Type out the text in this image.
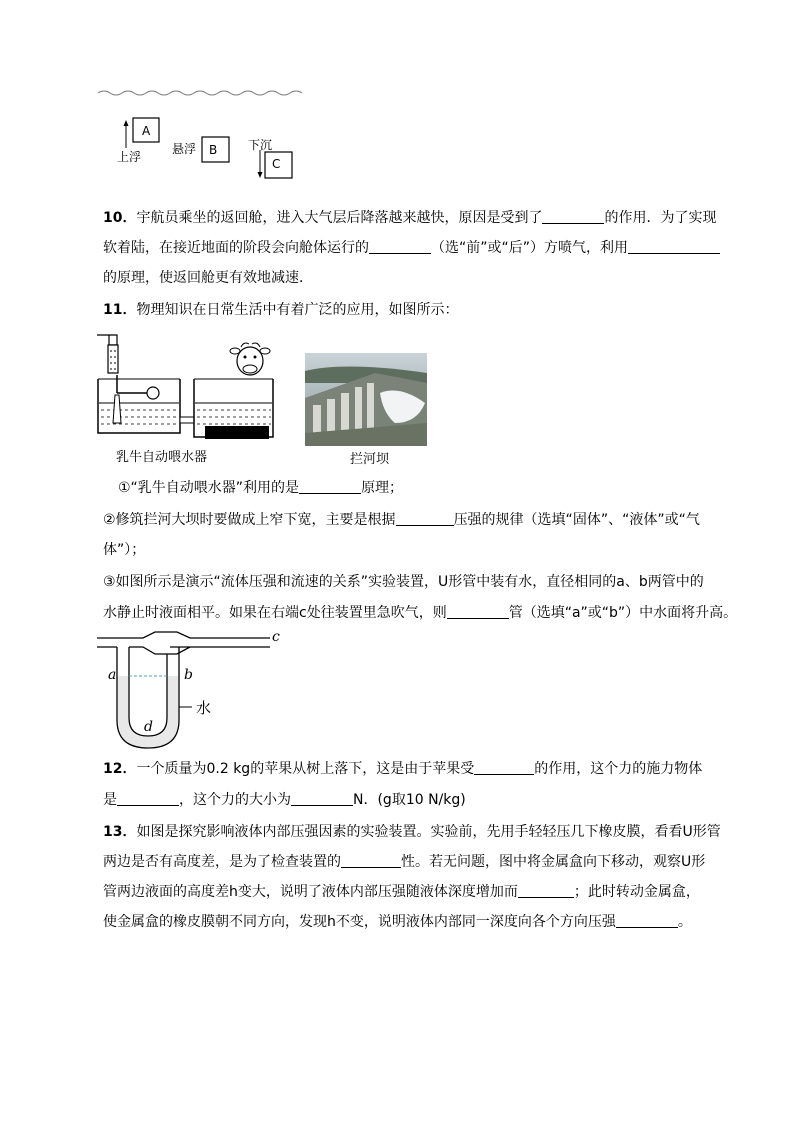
A
B
C
上浮
悬浮	下沉
10．宇航员乘坐的返回舱，进入大气层后降落越来越快，原因是受到了	的作用．为了实现
软着陆，在接近地面的阶段会向舱体运行的	（选“前”或“后”）方喷气，利用
的原理，使返回舱更有效地减速．
11．物理知识在日常生活中有着广泛的应用，如图所示：
乳牛自动喂水器	拦河坝
①“乳牛自动喂水器”利用的是	原理；
②修筑拦河大坝时要做成上窄下宽，主要是根据	压强的规律（选填“固体”、“液体”或“气
体”）；
③如图所示是演示“流体压强和流速的关系”实验装置，U形管中装有水，直径相同的a、b两管中的
水静止时液面相平。如果在右端c处往装置里急吹气，则	管（选填“a”或“b”）中水面将升高。
a	b
c
d
水
12．一个质量为0.2 kg的苹果从树上落下，这是由于苹果受	的作用，这个力的施力物体
是	，这个力的大小为	N．(g取10 N/kg)
13．如图是探究影响液体内部压强因素的实验装置。实验前，先用手轻轻压几下橡皮膜，看看U形管
两边是否有高度差，是为了检查装置的	性。若无问题，图中将金属盒向下移动，观察U形
管两边液面的高度差h变大，说明了液体内部压强随液体深度增加而	；此时转动金属盒，
使金属盒的橡皮膜朝不同方向，发现h不变，说明液体内部同一深度向各个方向压强	。
